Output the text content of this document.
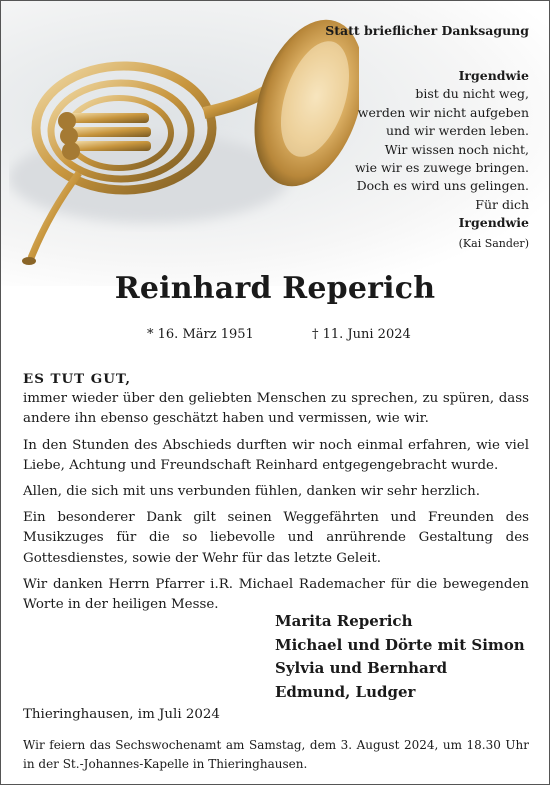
Statt brieflicher Danksagung
Irgendwie
bist du nicht weg,
werden wir nicht aufgeben
und wir werden leben.
Wir wissen noch nicht,
wie wir es zuwege bringen.
Doch es wird uns gelingen.
Für dich
Irgendwie
(Kai Sander)
Reinhard Reperich
* 16. März 1951	† 11. Juni 2024
ES TUT GUT,

immer wieder über den geliebten Menschen zu sprechen, zu spüren, dass andere ihn ebenso geschätzt haben und vermissen, wie wir.

In den Stunden des Abschieds durften wir noch einmal erfahren, wie viel Liebe, Achtung und Freundschaft Reinhard entgegengebracht wurde.

Allen, die sich mit uns verbunden fühlen, danken wir sehr herzlich.

Ein besonderer Dank gilt seinen Weggefährten und Freunden des Musikzuges für die so liebevolle und anrührende Gestaltung des Gottesdienstes, sowie der Wehr für das letzte Geleit.

Wir danken Herrn Pfarrer i.R. Michael Rademacher für die bewegenden Worte in der heiligen Messe.

Marita Reperich
Michael und Dörte mit Simon
Sylvia und Bernhard
Edmund, Ludger
Thieringhausen, im Juli 2024
Wir feiern das Sechswochenamt am Samstag, dem 3. August 2024, um 18.30 Uhr in der St.-Johannes-Kapelle in Thieringhausen.
